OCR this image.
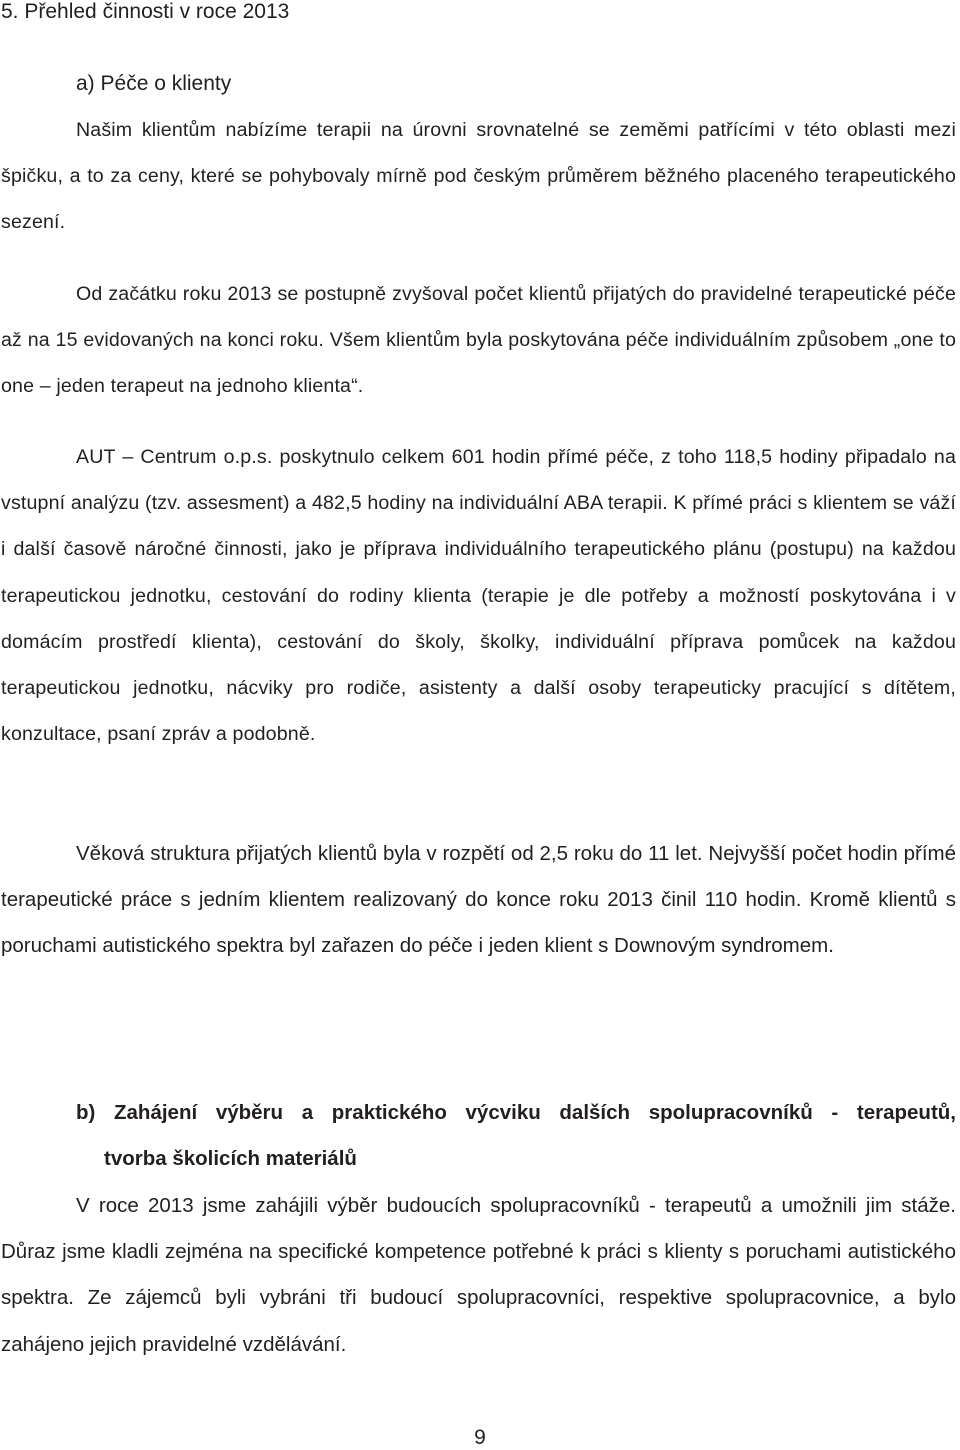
5. Přehled činnosti v roce 2013
a) Péče o klienty

Našim klientům nabízíme terapii na úrovni srovnatelné se zeměmi patřícími v této oblasti mezi špičku, a to za ceny, které se pohybovaly mírně pod českým průměrem běžného placeného terapeutického sezení.

Od začátku roku 2013 se postupně zvyšoval počet klientů přijatých do pravidelné terapeutické péče až na 15 evidovaných na konci roku. Všem klientům byla poskytována péče individuálním způsobem „one to one – jeden terapeut na jednoho klienta“.

AUT – Centrum o.p.s. poskytnulo celkem 601 hodin přímé péče, z toho 118,5 hodiny připadalo na vstupní analýzu (tzv. assesment) a 482,5 hodiny na individuální ABA terapii. K přímé práci s klientem se váží i další časově náročné činnosti, jako je příprava individuálního terapeutického plánu (postupu) na každou terapeutickou jednotku, cestování do rodiny klienta (terapie je dle potřeby a možností poskytována i v domácím prostředí klienta), cestování do školy, školky, individuální příprava pomůcek na každou terapeutickou jednotku, nácviky pro rodiče, asistenty a další osoby terapeuticky pracující s dítětem, konzultace, psaní zpráv a podobně.

Věková struktura přijatých klientů byla v rozpětí od 2,5 roku do 11 let. Nejvyšší počet hodin přímé terapeutické práce s jedním klientem realizovaný do konce roku 2013 činil 110 hodin. Kromě klientů s poruchami autistického spektra byl zařazen do péče i jeden klient s Downovým syndromem.

b) Zahájení výběru a praktického výcviku dalších spolupracovníků - terapeutů,
tvorba školicích materiálů

V roce 2013 jsme zahájili výběr budoucích spolupracovníků - terapeutů a umožnili jim stáže. Důraz jsme kladli zejména na specifické kompetence potřebné k práci s klienty s poruchami autistického spektra. Ze zájemců byli vybráni tři budoucí spolupracovníci, respektive spolupracovnice, a bylo zahájeno jejich pravidelné vzdělávání.

9
